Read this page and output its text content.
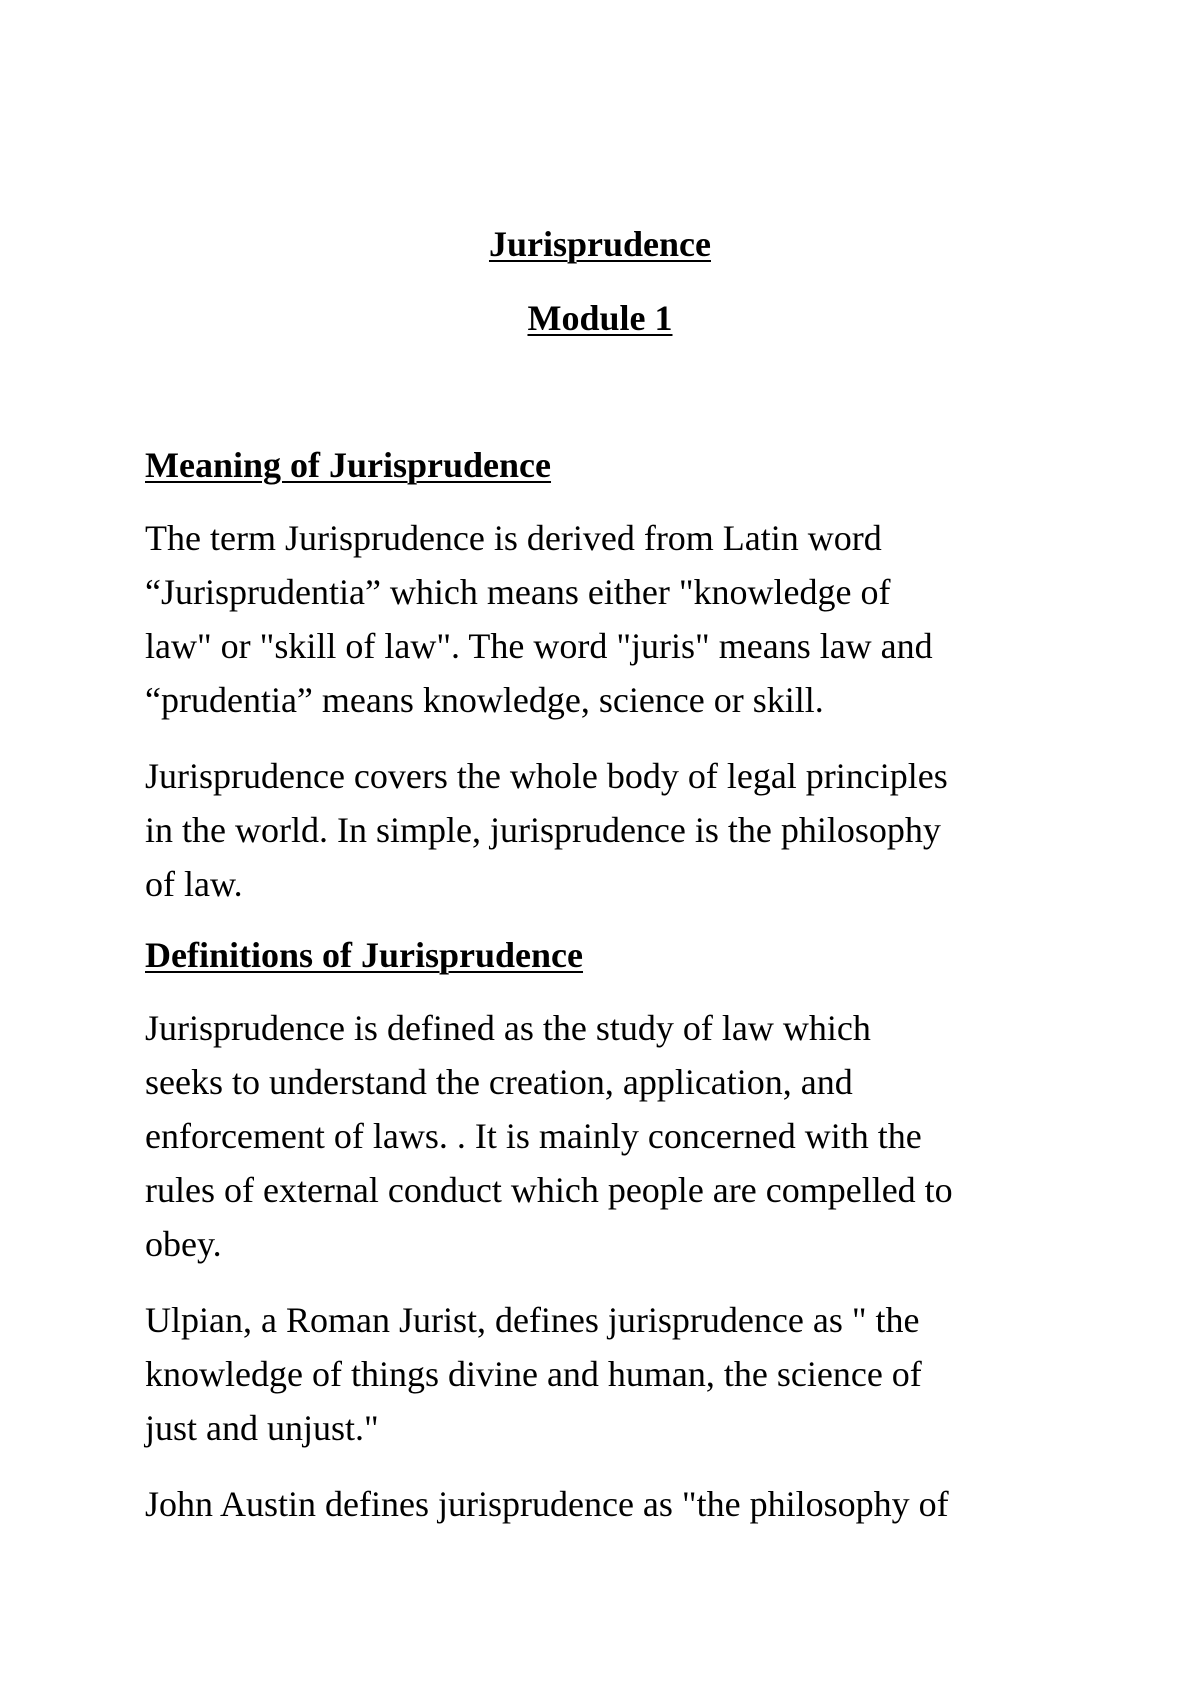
Jurisprudence
Module 1
Meaning of Jurisprudence

The term Jurisprudence is derived from Latin word
“Jurisprudentia” which means either "knowledge of
law" or "skill of law". The word "juris" means law and
“prudentia” means knowledge, science or skill.

Jurisprudence covers the whole body of legal principles
in the world. In simple, jurisprudence is the philosophy
of law.

Definitions of Jurisprudence

Jurisprudence is defined as the study of law which
seeks to understand the creation, application, and
enforcement of laws. . It is mainly concerned with the
rules of external conduct which people are compelled to
obey.

Ulpian, a Roman Jurist, defines jurisprudence as " the
knowledge of things divine and human, the science of
just and unjust."

John Austin defines jurisprudence as "the philosophy of
